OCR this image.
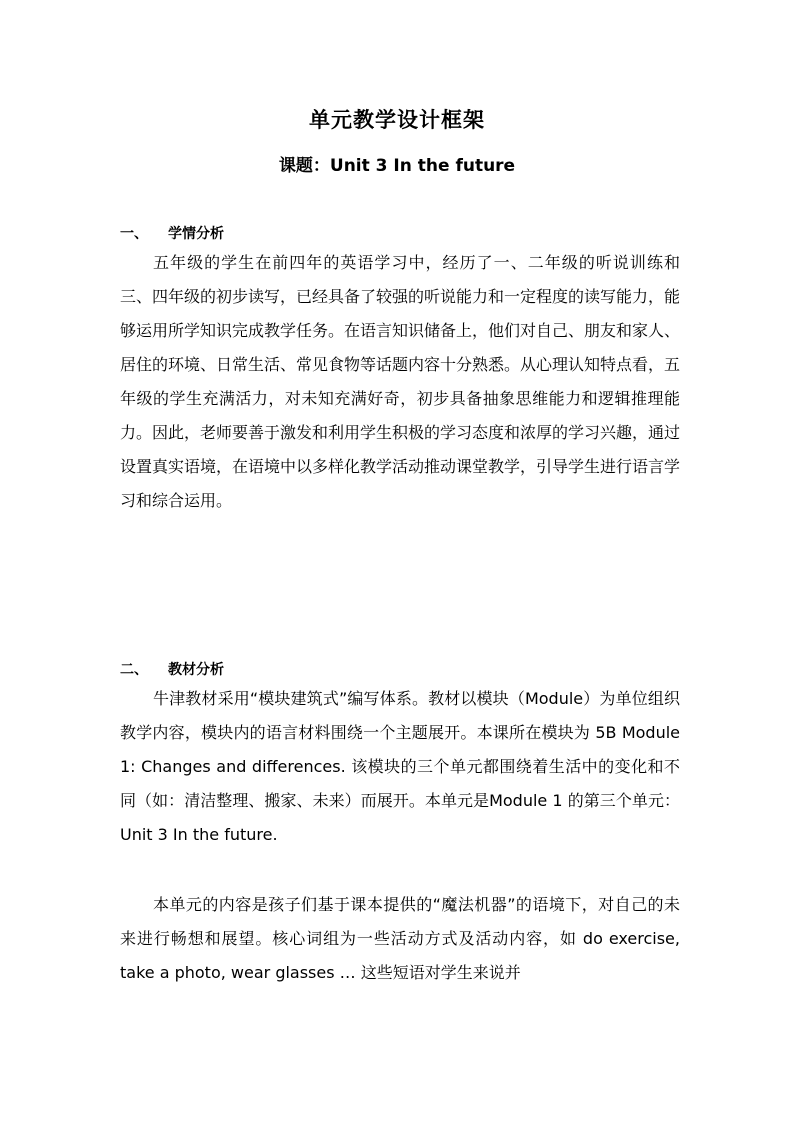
单元教学设计框架
课题：Unit 3 In the future
一、 学情分析
五年级的学生在前四年的英语学习中，经历了一、二年级的听说训练和三、四年级的初步读写，已经具备了较强的听说能力和一定程度的读写能力，能够运用所学知识完成教学任务。在语言知识储备上，他们对自己、朋友和家人、居住的环境、日常生活、常见食物等话题内容十分熟悉。从心理认知特点看，五年级的学生充满活力，对未知充满好奇，初步具备抽象思维能力和逻辑推理能力。因此，老师要善于激发和利用学生积极的学习态度和浓厚的学习兴趣，通过设置真实语境，在语境中以多样化教学活动推动课堂教学，引导学生进行语言学习和综合运用。
二、 教材分析
牛津教材采用“模块建筑式”编写体系。教材以模块（Module）为单位组织教学内容，模块内的语言材料围绕一个主题展开。本课所在模块为 5B Module 1: Changes and differences. 该模块的三个单元都围绕着生活中的变化和不同（如：清洁整理、搬家、未来）而展开。本单元是Module 1 的第三个单元： Unit 3 In the future.
本单元的内容是孩子们基于课本提供的“魔法机器”的语境下，对自己的未来进行畅想和展望。核心词组为一些活动方式及活动内容，如 do exercise, take a photo, wear glasses … 这些短语对学生来说并
